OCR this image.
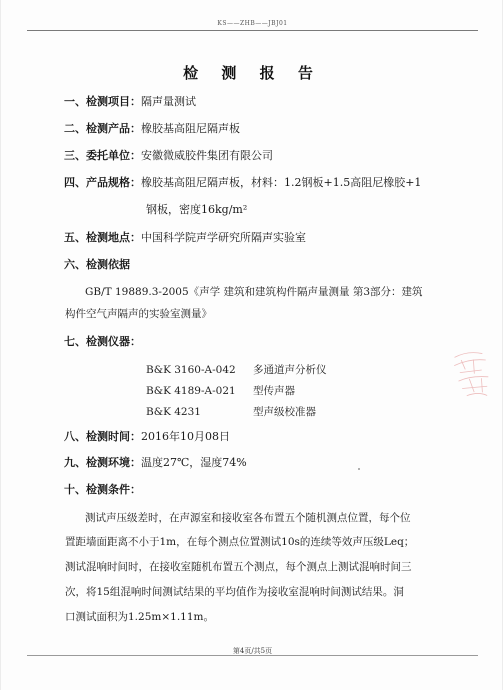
KS——ZHB——JBJ01
检 测 报 告
一、检测项目：隔声量测试
二、检测产品：橡胶基高阻尼隔声板
三、委托单位：安徽微威胶件集团有限公司
四、产品规格：橡胶基高阻尼隔声板，材料：1.2钢板+1.5高阻尼橡胶+1
钢板，密度16kg/m²
五、检测地点：中国科学院声学研究所隔声实验室
六、检测依据
GB/T 19889.3-2005《声学 建筑和建筑构件隔声量测量 第3部分：建筑
构件空气声隔声的实验室测量》
七、检测仪器：
B&K 3160-A-042 多通道声分析仪
B&K 4189-A-021 型传声器
B&K 4231	型声级校准器
八、检测时间：2016年10月08日
九、检测环境：温度27℃，湿度74%
十、检测条件：
测试声压级差时，在声源室和接收室各布置五个随机测点位置，每个位
置距墙面距离不小于1m，在每个测点位置测试10s的连续等效声压级Leq；
测试混响时间时，在接收室随机布置五个测点，每个测点上测试混响时间三
次，将15组混响时间测试结果的平均值作为接收室混响时间测试结果。洞
口测试面积为1.25m×1.11m。
第4页/共5页
